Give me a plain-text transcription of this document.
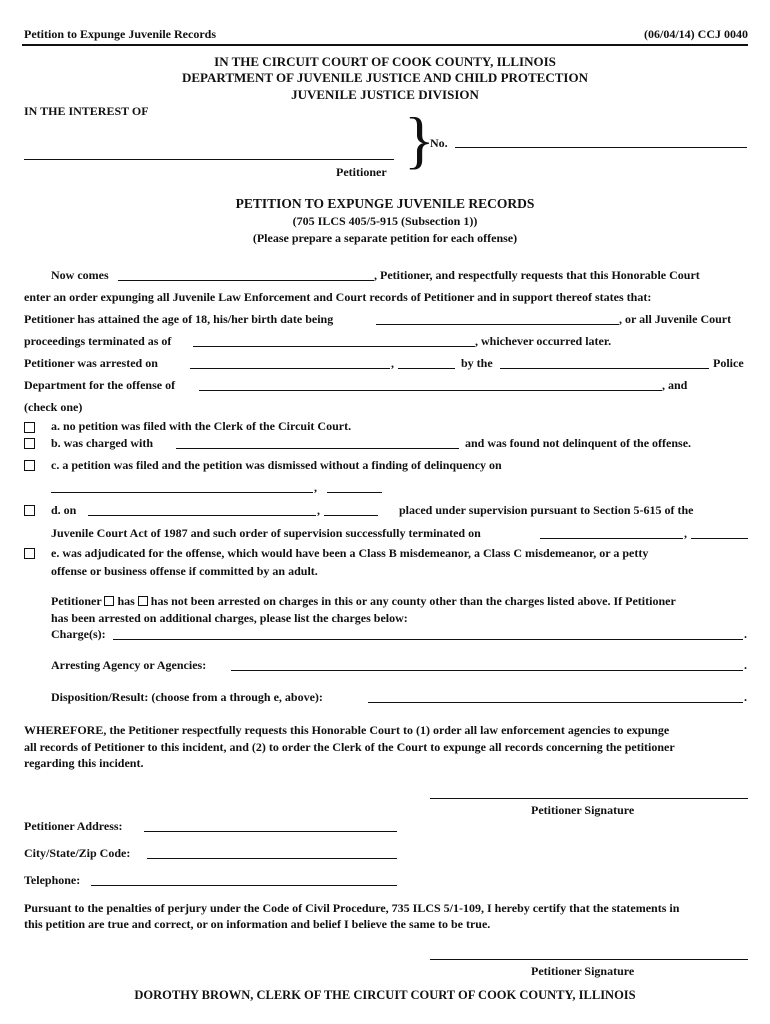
Petition to Expunge Juvenile Records	(06/04/14) CCJ 0040
IN THE CIRCUIT COURT OF COOK COUNTY, ILLINOIS
DEPARTMENT OF JUVENILE JUSTICE AND CHILD PROTECTION
JUVENILE JUSTICE DIVISION
IN THE INTEREST OF
Petitioner }
No.
PETITION TO EXPUNGE JUVENILE RECORDS
(705 ILCS 405/5-915 (Subsection 1))
(Please prepare a separate petition for each offense)
Now comes	, Petitioner, and respectfully requests that this Honorable Court
enter an order expunging all Juvenile Law Enforcement and Court records of Petitioner and in support thereof states that:
Petitioner has attained the age of 18, his/her birth date being	, or all Juvenile Court
proceedings terminated as of	, whichever occurred later.
Petitioner was arrested on	,	by the	Police
Department for the offense of	, and
(check one)
a. no petition was filed with the Clerk of the Circuit Court.
b. was charged with	and was found not delinquent of the offense.
c. a petition was filed and the petition was dismissed without a finding of delinquency on
,
d. on	,	placed under supervision pursuant to Section 5-615 of the
Juvenile Court Act of 1987 and such order of supervision successfully terminated on	,
e. was adjudicated for the offense, which would have been a Class B misdemeanor, a Class C misdemeanor, or a petty
offense or business offense if committed by an adult.
Petitioner has has not been arrested on charges in this or any county other than the charges listed above. If Petitioner
has been arrested on additional charges, please list the charges below:
Charge(s):	.
Arresting Agency or Agencies:	.
Disposition/Result: (choose from a through e, above):	.
WHEREFORE, the Petitioner respectfully requests this Honorable Court to (1) order all law enforcement agencies to expunge
all records of Petitioner to this incident, and (2) to order the Clerk of the Court to expunge all records concerning the petitioner
regarding this incident.
Petitioner Signature
Petitioner Address:
City/State/Zip Code:
Telephone:
Pursuant to the penalties of perjury under the Code of Civil Procedure, 735 ILCS 5/1-109, I hereby certify that the statements in
this petition are true and correct, or on information and belief I believe the same to be true.
Petitioner Signature
DOROTHY BROWN, CLERK OF THE CIRCUIT COURT OF COOK COUNTY, ILLINOIS
